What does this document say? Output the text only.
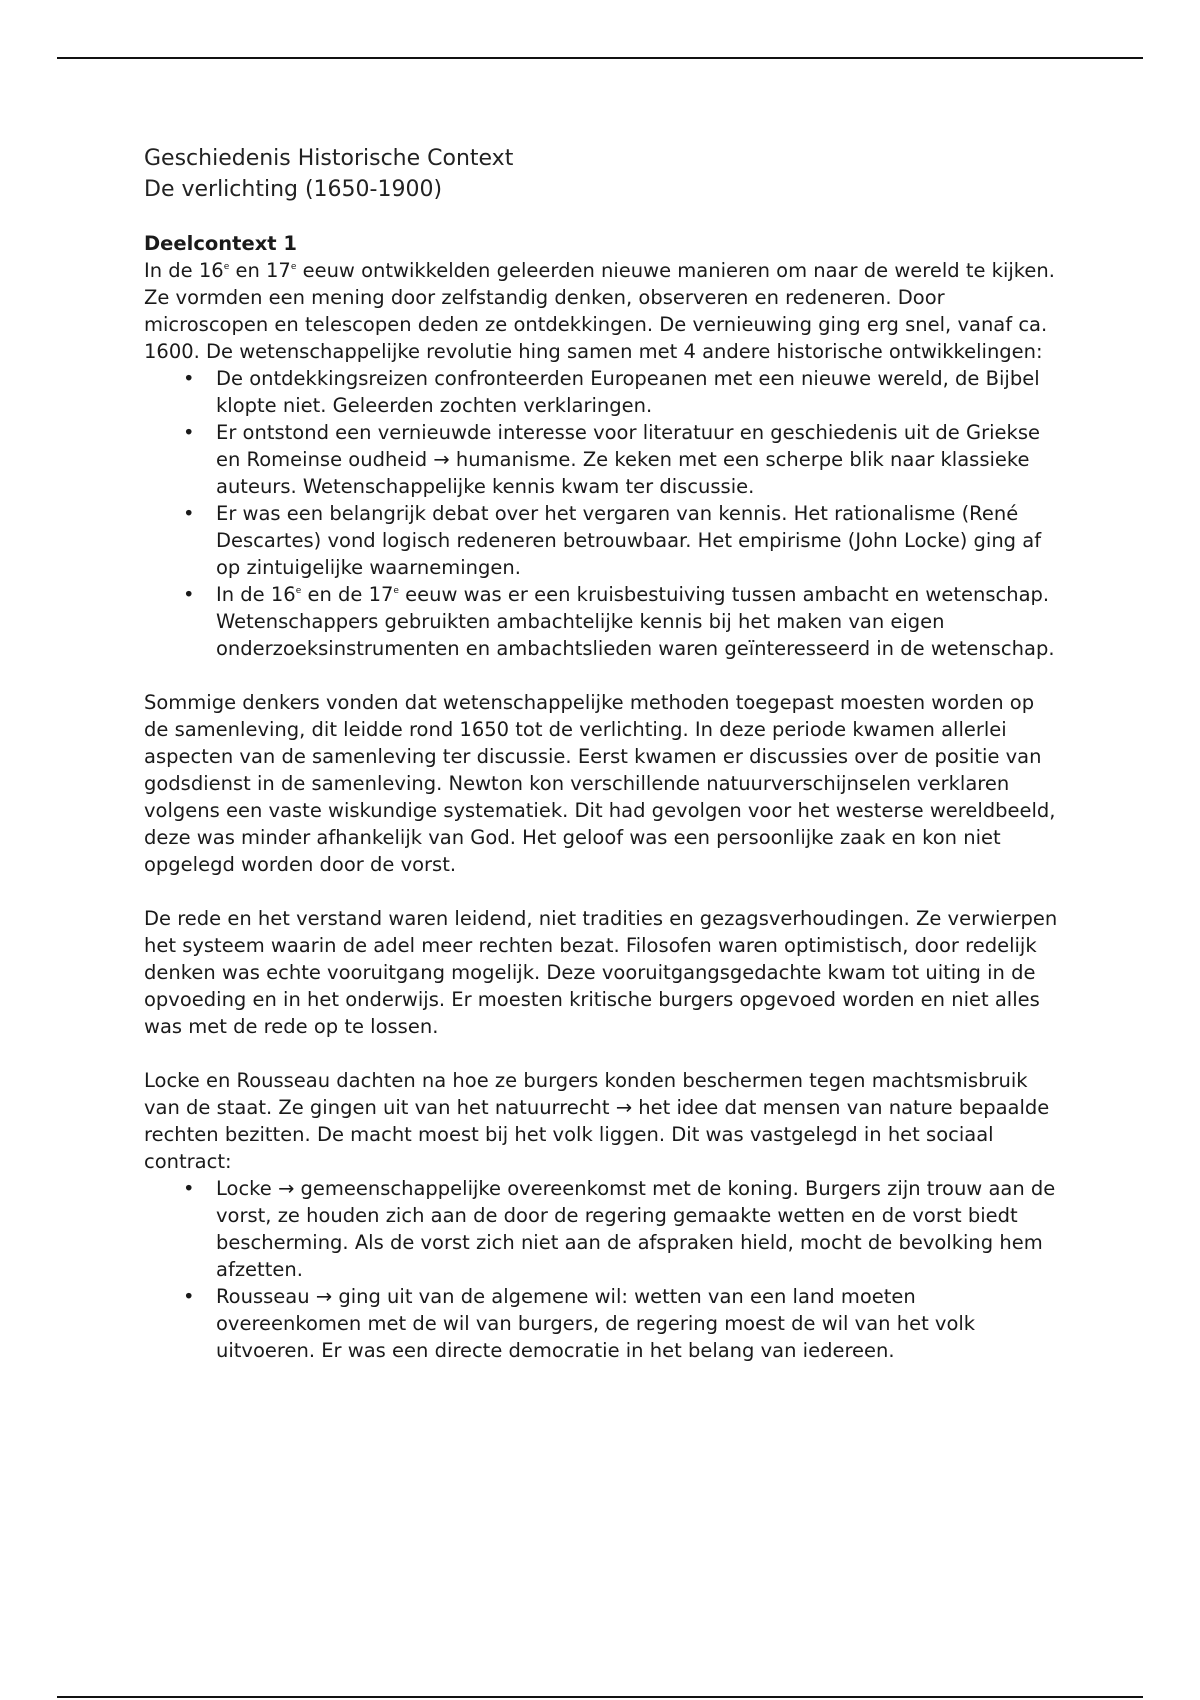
Geschiedenis Historische Context
De verlichting (1650-1900)
Deelcontext 1

In de 16e en 17e eeuw ontwikkelden geleerden nieuwe manieren om naar de wereld te kijken. Ze vormden een mening door zelfstandig denken, observeren en redeneren. Door microscopen en telescopen deden ze ontdekkingen. De vernieuwing ging erg snel, vanaf ca. 1600. De wetenschappelijke revolutie hing samen met 4 andere historische ontwikkelingen:

• De ontdekkingsreizen confronteerden Europeanen met een nieuwe wereld, de Bijbel klopte niet. Geleerden zochten verklaringen.
• Er ontstond een vernieuwde interesse voor literatuur en geschiedenis uit de Griekse en Romeinse oudheid → humanisme. Ze keken met een scherpe blik naar klassieke auteurs. Wetenschappelijke kennis kwam ter discussie.
• Er was een belangrijk debat over het vergaren van kennis. Het rationalisme (René Descartes) vond logisch redeneren betrouwbaar. Het empirisme (John Locke) ging af op zintuigelijke waarnemingen.
• In de 16e en de 17e eeuw was er een kruisbestuiving tussen ambacht en wetenschap. Wetenschappers gebruikten ambachtelijke kennis bij het maken van eigen onderzoeksinstrumenten en ambachtslieden waren geïnteresseerd in de wetenschap.

Sommige denkers vonden dat wetenschappelijke methoden toegepast moesten worden op de samenleving, dit leidde rond 1650 tot de verlichting. In deze periode kwamen allerlei aspecten van de samenleving ter discussie. Eerst kwamen er discussies over de positie van godsdienst in de samenleving. Newton kon verschillende natuurverschijnselen verklaren volgens een vaste wiskundige systematiek. Dit had gevolgen voor het westerse wereldbeeld, deze was minder afhankelijk van God. Het geloof was een persoonlijke zaak en kon niet opgelegd worden door de vorst.

De rede en het verstand waren leidend, niet tradities en gezagsverhoudingen. Ze verwierpen het systeem waarin de adel meer rechten bezat. Filosofen waren optimistisch, door redelijk denken was echte vooruitgang mogelijk. Deze vooruitgangsgedachte kwam tot uiting in de opvoeding en in het onderwijs. Er moesten kritische burgers opgevoed worden en niet alles was met de rede op te lossen.

Locke en Rousseau dachten na hoe ze burgers konden beschermen tegen machtsmisbruik van de staat. Ze gingen uit van het natuurrecht → het idee dat mensen van nature bepaalde rechten bezitten. De macht moest bij het volk liggen. Dit was vastgelegd in het sociaal contract:

• Locke → gemeenschappelijke overeenkomst met de koning. Burgers zijn trouw aan de vorst, ze houden zich aan de door de regering gemaakte wetten en de vorst biedt bescherming. Als de vorst zich niet aan de afspraken hield, mocht de bevolking hem afzetten.
• Rousseau → ging uit van de algemene wil: wetten van een land moeten overeenkomen met de wil van burgers, de regering moest de wil van het volk uitvoeren. Er was een directe democratie in het belang van iedereen.
